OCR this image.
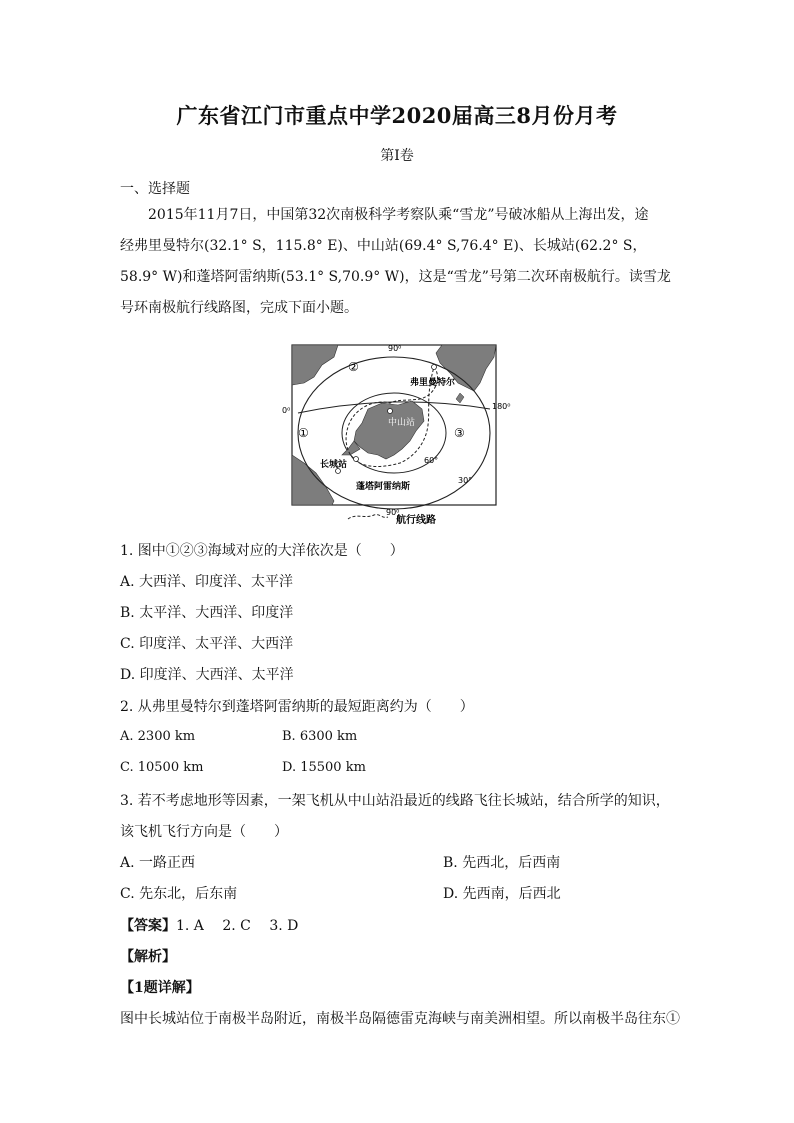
广东省江门市重点中学2020届高三8月份月考
第I卷
一、选择题

2015年11月7日，中国第32次南极科学考察队乘“雪龙”号破冰船从上海出发，途

经弗里曼特尔(32.1° S，115.8° E)、中山站(69.4° S,76.4° E)、长城站(62.2° S，

58.9° W)和蓬塔阿雷纳斯(53.1° S,70.9° W)，这是“雪龙”号第二次环南极航行。读雪龙

号环南极航行线路图，完成下面小题。

90⁰
0⁰	180⁰
90⁰
60°
30°
①
②
③
弗里曼特尔
中山站
长城站
蓬塔阿雷纳斯
航行线路
1. 图中①②③海域对应的大洋依次是（　　）
A. 大西洋、印度洋、太平洋
B. 太平洋、大西洋、印度洋
C. 印度洋、太平洋、大西洋
D. 印度洋、大西洋、太平洋
2. 从弗里曼特尔到蓬塔阿雷纳斯的最短距离约为（　　）
A. 2300 km	B. 6300 km
C. 10500 km	D. 15500 km
3. 若不考虑地形等因素，一架飞机从中山站沿最近的线路飞往长城站，结合所学的知识，
该飞机飞行方向是（　　）
A. 一路正西	B. 先西北，后西南
C. 先东北，后东南	D. 先西南，后西北
【答案】1. A　 2. C　 3. D
【解析】
【1题详解】
图中长城站位于南极半岛附近，南极半岛隔德雷克海峡与南美洲相望。所以南极半岛往东①
